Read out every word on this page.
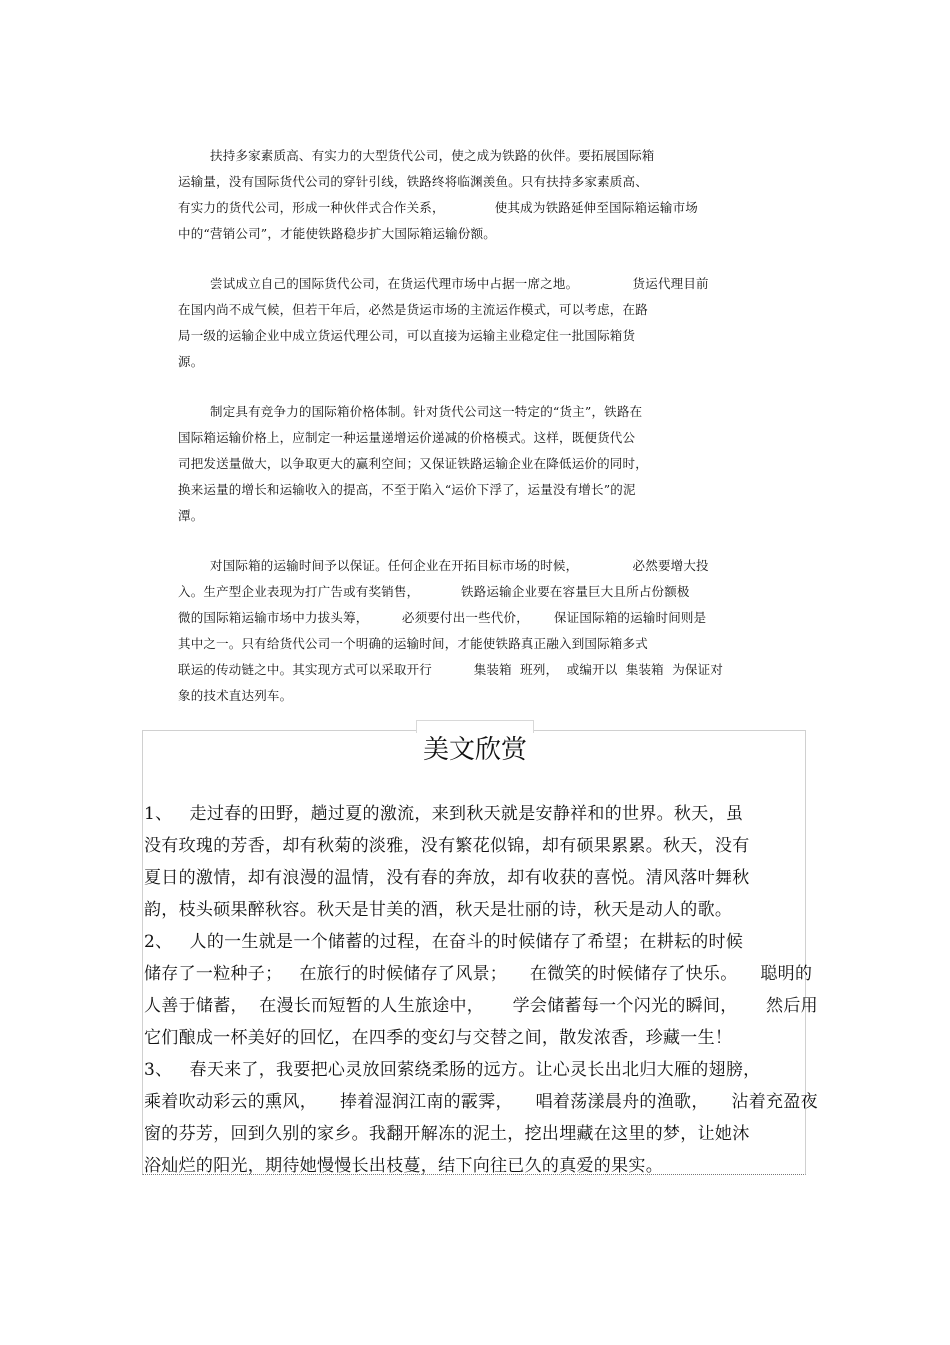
扶持多家素质高、有实力的大型货代公司，使之成为铁路的伙伴。要拓展国际箱
运输量，没有国际货代公司的穿针引线，铁路终将临渊羡鱼。只有扶持多家素质高、
有实力的货代公司，形成一种伙伴式合作关系，            使其成为铁路延伸至国际箱运输市场
中的“营销公司”，才能使铁路稳步扩大国际箱运输份额。
尝试成立自己的国际货代公司，在货运代理市场中占据一席之地。             货运代理目前
在国内尚不成气候，但若干年后，必然是货运市场的主流运作模式，可以考虑，在路
局一级的运输企业中成立货运代理公司，可以直接为运输主业稳定住一批国际箱货
源。
制定具有竞争力的国际箱价格体制。针对货代公司这一特定的“货主”，铁路在
国际箱运输价格上，应制定一种运量递增运价递减的价格模式。这样，既便货代公
司把发送量做大，以争取更大的赢利空间；又保证铁路运输企业在降低运价的同时，
换来运量的增长和运输收入的提高，不至于陷入“运价下浮了，运量没有增长”的泥
潭。
对国际箱的运输时间予以保证。任何企业在开拓目标市场的时候，             必然要增大投
入。生产型企业表现为打广告或有奖销售，          铁路运输企业要在容量巨大且所占份额极
微的国际箱运输市场中力拔头筹，        必须要付出一些代价，      保证国际箱的运输时间则是
其中之一。只有给货代公司一个明确的运输时间，才能使铁路真正融入到国际箱多式
联运的传动链之中。其实现方式可以采取开行          集装箱  班列，  或编开以  集装箱  为保证对
象的技术直达列车。
美文欣赏
1、   走过春的田野，趟过夏的激流，来到秋天就是安静祥和的世界。秋天，虽
没有玫瑰的芳香，却有秋菊的淡雅，没有繁花似锦，却有硕果累累。秋天，没有
夏日的激情，却有浪漫的温情，没有春的奔放，却有收获的喜悦。清风落叶舞秋
韵，枝头硕果醉秋容。秋天是甘美的酒，秋天是壮丽的诗，秋天是动人的歌。
2、   人的一生就是一个储蓄的过程，在奋斗的时候储存了希望；在耕耘的时候
储存了一粒种子；   在旅行的时候储存了风景；    在微笑的时候储存了快乐。    聪明的
人善于储蓄，  在漫长而短暂的人生旅途中，     学会储蓄每一个闪光的瞬间，     然后用
它们酿成一杯美好的回忆，在四季的变幻与交替之间，散发浓香，珍藏一生！
3、   春天来了，我要把心灵放回萦绕柔肠的远方。让心灵长出北归大雁的翅膀，
乘着吹动彩云的熏风，    捧着湿润江南的霰霁，    唱着荡漾晨舟的渔歌，    沾着充盈夜
窗的芬芳，回到久别的家乡。我翻开解冻的泥土，挖出埋藏在这里的梦，让她沐
浴灿烂的阳光，期待她慢慢长出枝蔓，结下向往已久的真爱的果实。
